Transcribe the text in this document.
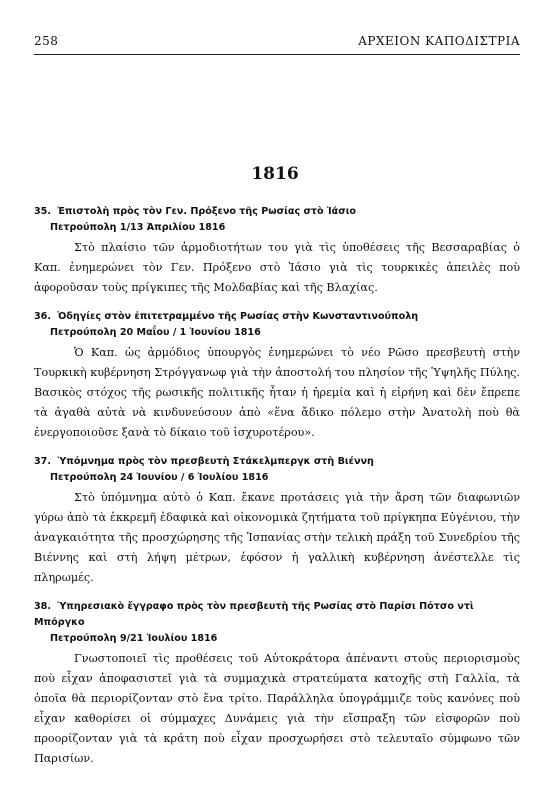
258	ΑΡΧΕΙΟΝ ΚΑΠΟΔΙΣΤΡΙΑ
1816
35. Ἐπιστολὴ πρὸς τὸν Γεν. Πρόξενο τῆς Ρωσίας στὸ Ἰάσιο
Πετρούπολη 1/13 Ἀπριλίου 1816
Στὸ πλαίσιο τῶν ἁρμοδιοτήτων του γιὰ τὶς ὑποθέσεις τῆς Βεσσαραβίας ὁ Καπ. ἐνημερώνει τὸν Γεν. Πρόξενο στὸ Ἰάσιο γιὰ τὶς τουρκικὲς ἀπειλὲς ποὺ ἀφοροῦσαν τοὺς πρίγκιπες τῆς Μολδαβίας καὶ τῆς Βλαχίας.
36. Ὁδηγίες στὸν ἐπιτετραμμένο τῆς Ρωσίας στὴν Κωνσταντινούπολη
Πετρούπολη 20 Μαΐου / 1 Ἰουνίου 1816
Ὁ Καπ. ὡς ἁρμόδιος ὑπουργὸς ἐνημερώνει τὸ νέο Ρῶσο πρεσβευτὴ στὴν Τουρκικὴ κυβέρνηση Στρόγγανωφ γιὰ τὴν ἀποστολή του πλησίον τῆς Ὑψηλῆς Πύλης. Βασικὸς στόχος τῆς ρωσικῆς πολιτικῆς ἦταν ἡ ἠρεμία καὶ ἡ εἰρήνη καὶ δὲν ἔπρεπε τὰ ἀγαθὰ αὐτὰ νὰ κινδυνεύσουν ἀπὸ «ἕνα ἄδικο πόλεμο στὴν Ἀνατολὴ ποὺ θὰ ἐνεργοποιοῦσε ξανὰ τὸ δίκαιο τοῦ ἰσχυροτέρου».
37. Ὑπόμνημα πρὸς τὸν πρεσβευτὴ Στάκελμπεργκ στὴ Βιέννη
Πετρούπολη 24 Ἰουνίου / 6 Ἰουλίου 1816
Στὸ ὑπόμνημα αὐτὸ ὁ Καπ. ἔκανε προτάσεις γιὰ τὴν ἄρση τῶν διαφωνιῶν γύρω ἀπὸ τὰ ἐκκρεμῆ ἐδαφικὰ καὶ οἰκονομικὰ ζητήματα τοῦ πρίγκηπα Εὐγένιου, τὴν ἀναγκαιότητα τῆς προσχώρησης τῆς Ἱσπανίας στὴν τελικὴ πράξη τοῦ Συνεδρίου τῆς Βιέννης καὶ στὴ λήψη μέτρων, ἐφόσον ἡ γαλλικὴ κυβέρνηση ἀνέστελλε τὶς πληρωμές.
38. Ὑπηρεσιακὸ ἔγγραφο πρὸς τὸν πρεσβευτὴ τῆς Ρωσίας στὸ Παρίσι Πότσο ντὶ Μπόργκο
Πετρούπολη 9/21 Ἰουλίου 1816
Γνωστοποιεῖ τὶς προθέσεις τοῦ Αὐτοκράτορα ἀπέναντι στοὺς περιορισμοὺς ποὺ εἶχαν ἀποφασιστεῖ γιὰ τὰ συμμαχικὰ στρατεύματα κατοχῆς στὴ Γαλλία, τὰ ὁποῖα θὰ περιορίζονταν στὸ ἕνα τρίτο. Παράλληλα ὑπογράμμιζε τοὺς κανόνες ποὺ εἶχαν καθορίσει οἱ σύμμαχες Δυνάμεις γιὰ τὴν εἴσπραξη τῶν εἰσφορῶν ποὺ προορίζονταν γιὰ τὰ κράτη ποὺ εἶχαν προσχωρήσει στὸ τελευταῖο σύμφωνο τῶν Παρισίων.
